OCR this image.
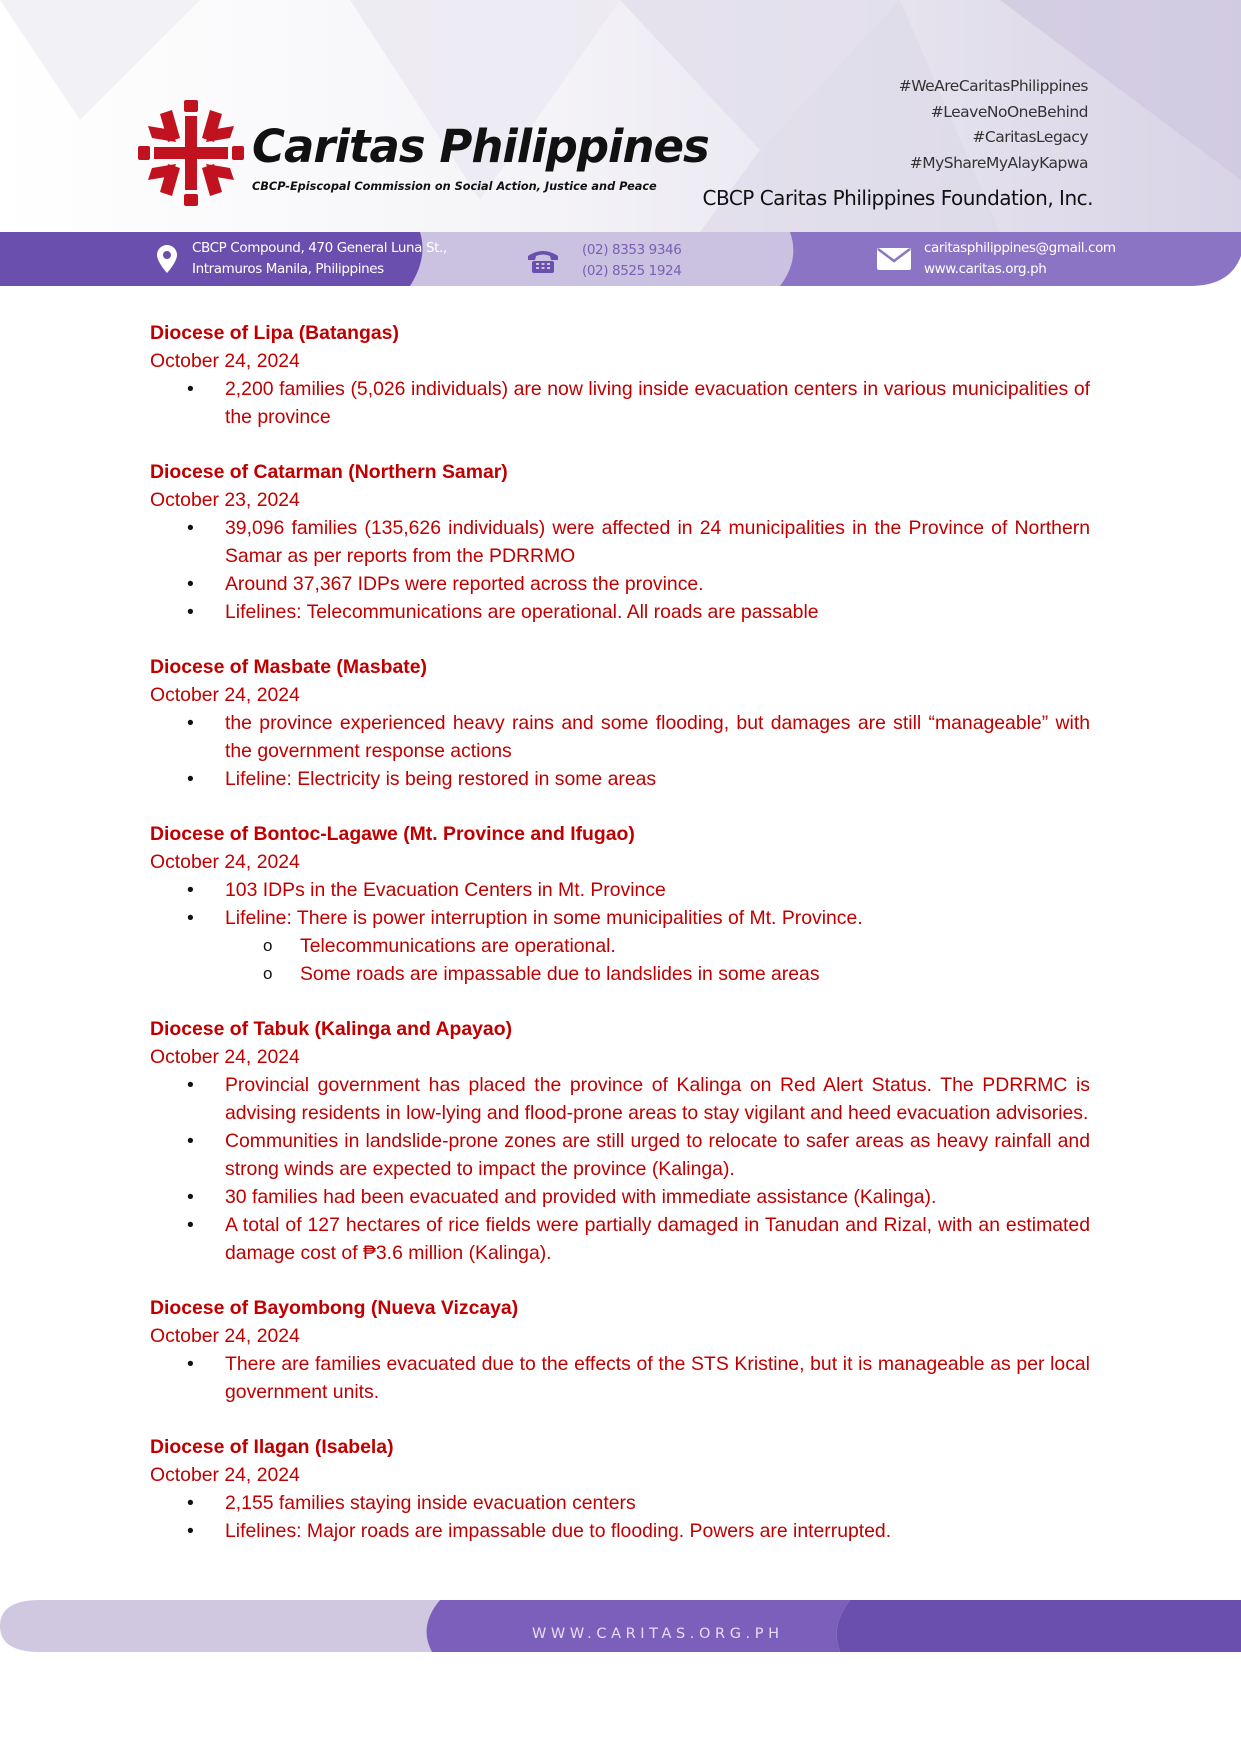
Caritas Philippines
CBCP-Episcopal Commission on Social Action, Justice and Peace
#WeAreCaritasPhilippines
#LeaveNoOneBehind
#CaritasLegacy
#MyShareMyAlayKapwa
CBCP Caritas Philippines Foundation, Inc.
CBCP Compound, 470 General Luna St.,
Intramuros Manila, Philippines
(02) 8353 9346
(02) 8525 1924
caritasphilippines@gmail.com
www.caritas.org.ph

Diocese of Lipa (Batangas)

October 24, 2024

• 2,200 families (5,026 individuals) are now living inside evacuation centers in various municipalities of the province

Diocese of Catarman (Northern Samar)

October 23, 2024

• 39,096 families (135,626 individuals) were affected in 24 municipalities in the Province of Northern Samar as per reports from the PDRRMO
• Around 37,367 IDPs were reported across the province.
• Lifelines: Telecommunications are operational. All roads are passable

Diocese of Masbate (Masbate)

October 24, 2024

• the province experienced heavy rains and some flooding, but damages are still “manageable” with the government response actions
• Lifeline: Electricity is being restored in some areas

Diocese of Bontoc-Lagawe (Mt. Province and Ifugao)

October 24, 2024

• 103 IDPs in the Evacuation Centers in Mt. Province
• Lifeline: There is power interruption in some municipalities of Mt. Province.
o Telecommunications are operational.
o Some roads are impassable due to landslides in some areas

Diocese of Tabuk (Kalinga and Apayao)

October 24, 2024

• Provincial government has placed the province of Kalinga on Red Alert Status. The PDRRMC is advising residents in low-lying and flood-prone areas to stay vigilant and heed evacuation advisories.
• Communities in landslide-prone zones are still urged to relocate to safer areas as heavy rainfall and strong winds are expected to impact the province (Kalinga).
• 30 families had been evacuated and provided with immediate assistance (Kalinga).
• A total of 127 hectares of rice fields were partially damaged in Tanudan and Rizal, with an estimated damage cost of ₱3.6 million (Kalinga).

Diocese of Bayombong (Nueva Vizcaya)

October 24, 2024

• There are families evacuated due to the effects of the STS Kristine, but it is manageable as per local government units.

Diocese of Ilagan (Isabela)

October 24, 2024

• 2,155 families staying inside evacuation centers
• Lifelines: Major roads are impassable due to flooding. Powers are interrupted.
WWW.CARITAS.ORG.PH
